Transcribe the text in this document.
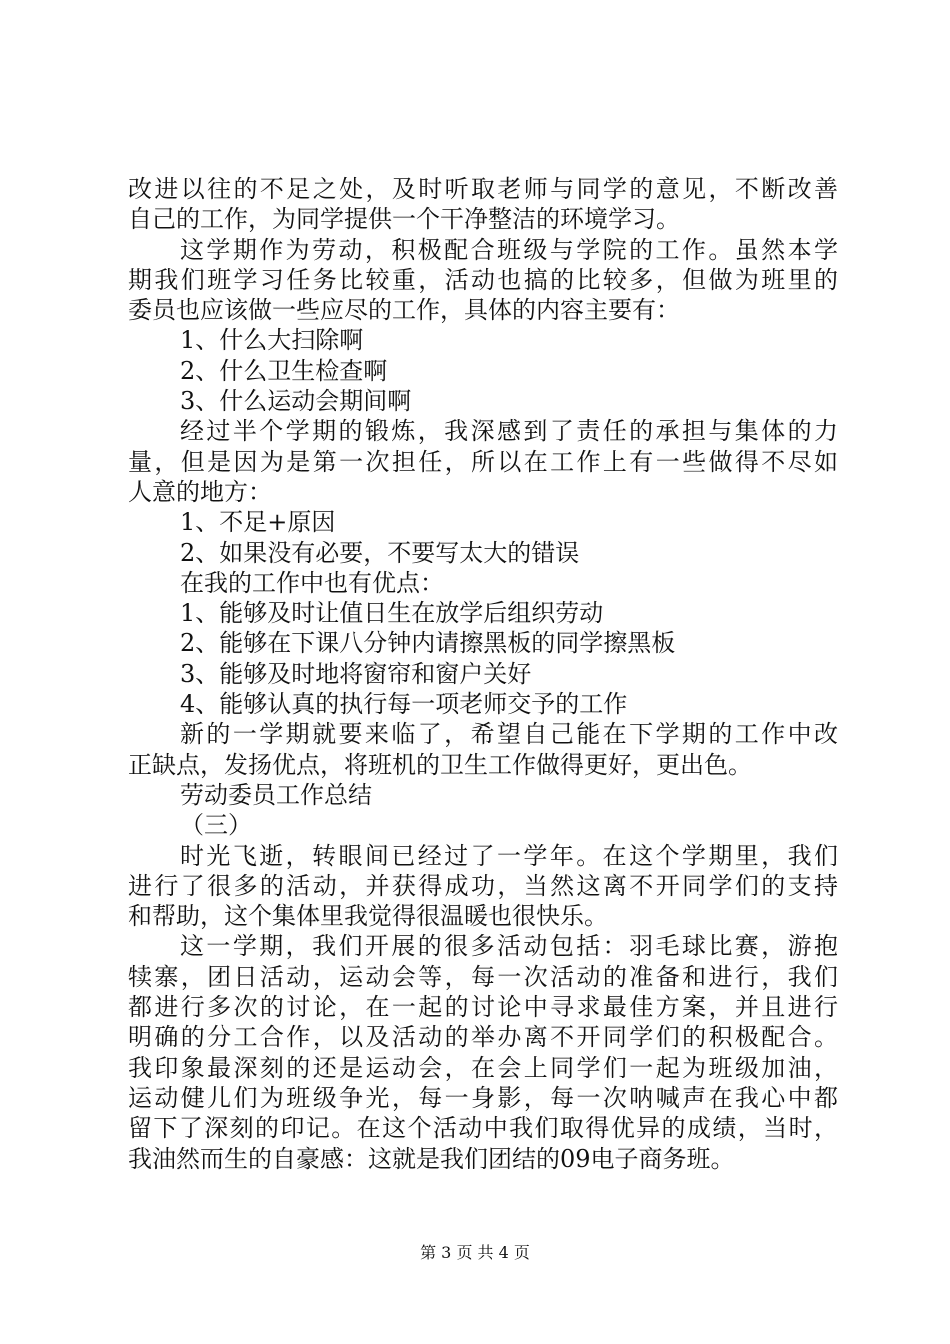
改进以往的不足之处，及时听取老师与同学的意见，不断改善
自己的工作，为同学提供一个干净整洁的环境学习。
这学期作为劳动，积极配合班级与学院的工作。虽然本学
期我们班学习任务比较重，活动也搞的比较多，但做为班里的
委员也应该做一些应尽的工作，具体的内容主要有：
1、什么大扫除啊
2、什么卫生检查啊
3、什么运动会期间啊
经过半个学期的锻炼，我深感到了责任的承担与集体的力
量，但是因为是第一次担任，所以在工作上有一些做得不尽如
人意的地方：
1、不足+原因
2、如果没有必要，不要写太大的错误
在我的工作中也有优点：
1、能够及时让值日生在放学后组织劳动
2、能够在下课八分钟内请擦黑板的同学擦黑板
3、能够及时地将窗帘和窗户关好
4、能够认真的执行每一项老师交予的工作
新的一学期就要来临了，希望自己能在下学期的工作中改
正缺点，发扬优点，将班机的卫生工作做得更好，更出色。
劳动委员工作总结
（三）
时光飞逝，转眼间已经过了一学年。在这个学期里，我们
进行了很多的活动，并获得成功，当然这离不开同学们的支持
和帮助，这个集体里我觉得很温暖也很快乐。
这一学期，我们开展的很多活动包括：羽毛球比赛，游抱
犊寨，团日活动，运动会等，每一次活动的准备和进行，我们
都进行多次的讨论，在一起的讨论中寻求最佳方案，并且进行
明确的分工合作，以及活动的举办离不开同学们的积极配合。
我印象最深刻的还是运动会，在会上同学们一起为班级加油，
运动健儿们为班级争光，每一身影，每一次呐喊声在我心中都
留下了深刻的印记。在这个活动中我们取得优异的成绩，当时，
我油然而生的自豪感：这就是我们团结的09电子商务班。
第 3 页 共 4 页
